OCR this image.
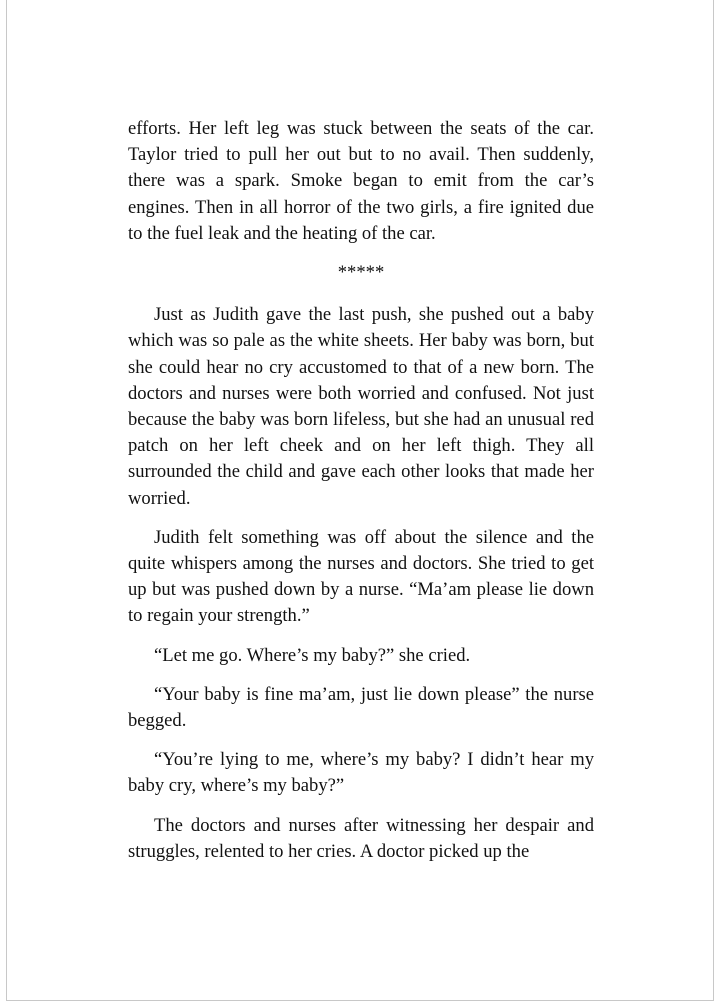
efforts. Her left leg was stuck between the seats of the car. Taylor tried to pull her out but to no avail. Then suddenly, there was a spark. Smoke began to emit from the car’s engines. Then in all horror of the two girls, a fire ignited due to the fuel leak and the heating of the car.

*****

Just as Judith gave the last push, she pushed out a baby which was so pale as the white sheets. Her baby was born, but she could hear no cry accustomed to that of a new born. The doctors and nurses were both worried and confused. Not just because the baby was born lifeless, but she had an unusual red patch on her left cheek and on her left thigh. They all surrounded the child and gave each other looks that made her worried.

Judith felt something was off about the silence and the quite whispers among the nurses and doctors. She tried to get up but was pushed down by a nurse. “Ma’am please lie down to regain your strength.”

“Let me go. Where’s my baby?” she cried.

“Your baby is fine ma’am, just lie down please” the nurse begged.

“You’re lying to me, where’s my baby? I didn’t hear my baby cry, where’s my baby?”

The doctors and nurses after witnessing her despair and struggles, relented to her cries. A doctor picked up the
